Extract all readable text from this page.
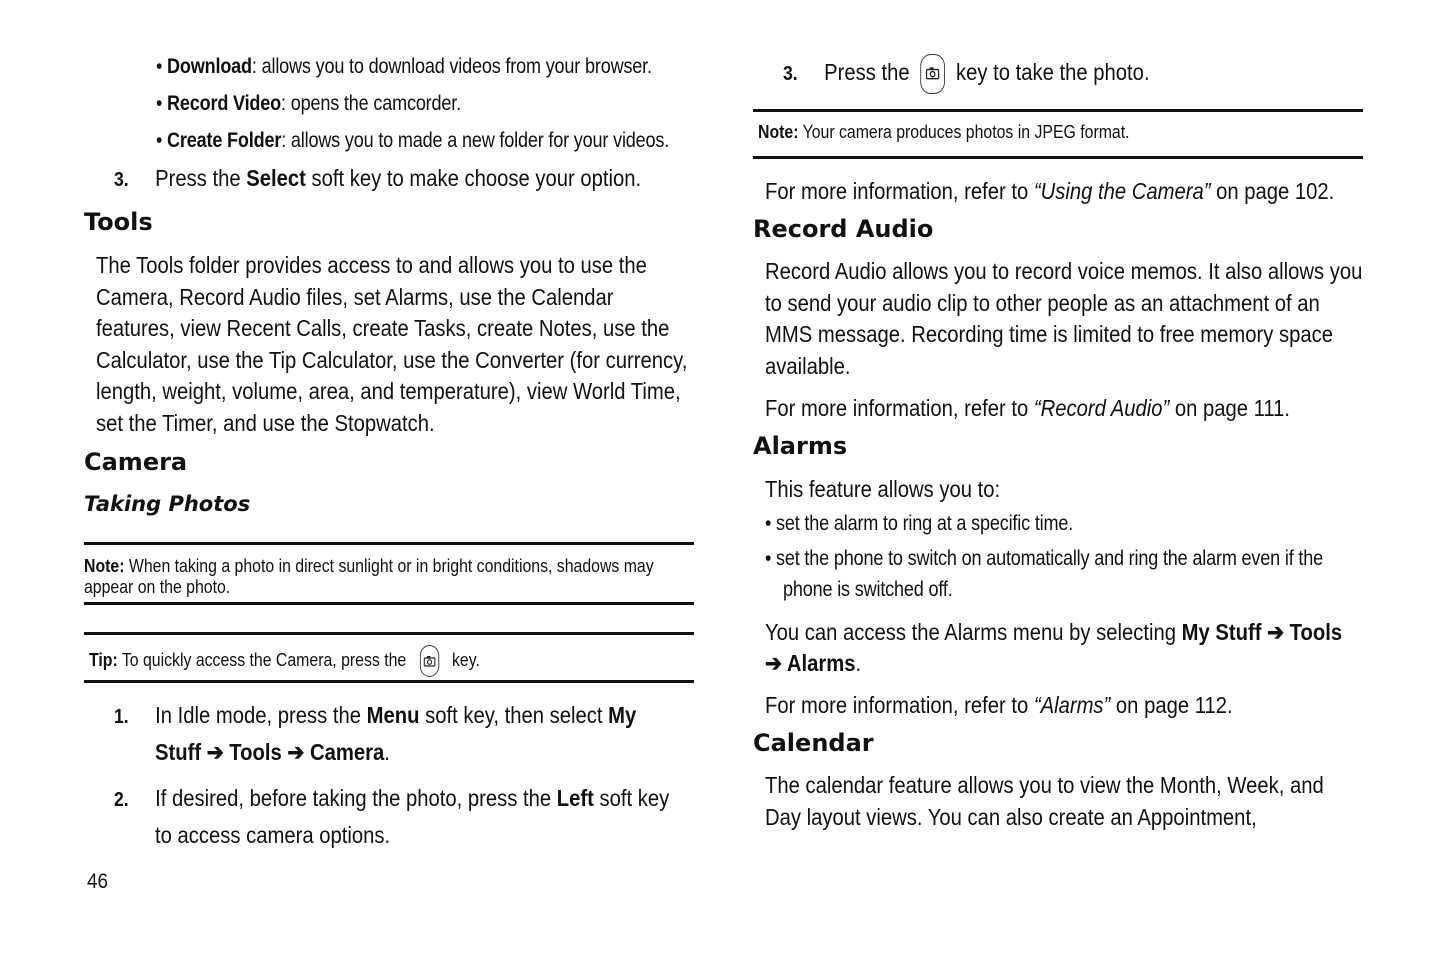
• Download: allows you to download videos from your browser.
• Record Video: opens the camcorder.
• Create Folder: allows you to made a new folder for your videos.
3. Press the Select soft key to make choose your option.
Tools
The Tools folder provides access to and allows you to use the Camera, Record Audio files, set Alarms, use the Calendar features, view Recent Calls, create Tasks, create Notes, use the Calculator, use the Tip Calculator, use the Converter (for currency, length, weight, volume, area, and temperature), view World Time, set the Timer, and use the Stopwatch.
Camera
Taking Photos
Note: When taking a photo in direct sunlight or in bright conditions, shadows may appear on the photo.
Tip: To quickly access the Camera, press the
key.
1. In Idle mode, press the Menu soft key, then select My
Stuff ➔ Tools ➔ Camera.
2. If desired, before taking the photo, press the Left soft key
to access camera options.
46
3. Press the
key to take the photo.
Note: Your camera produces photos in JPEG format.
For more information, refer to “Using the Camera” on page 102.
Record Audio
Record Audio allows you to record voice memos. It also allows you to send your audio clip to other people as an attachment of an MMS message. Recording time is limited to free memory space available.
For more information, refer to “Record Audio” on page 111.
Alarms
This feature allows you to:
• set the alarm to ring at a specific time.
• set the phone to switch on automatically and ring the alarm even if the
phone is switched off.
You can access the Alarms menu by selecting My Stuff ➔ Tools
➔ Alarms.
For more information, refer to “Alarms” on page 112.
Calendar
The calendar feature allows you to view the Month, Week, and Day layout views. You can also create an Appointment,
